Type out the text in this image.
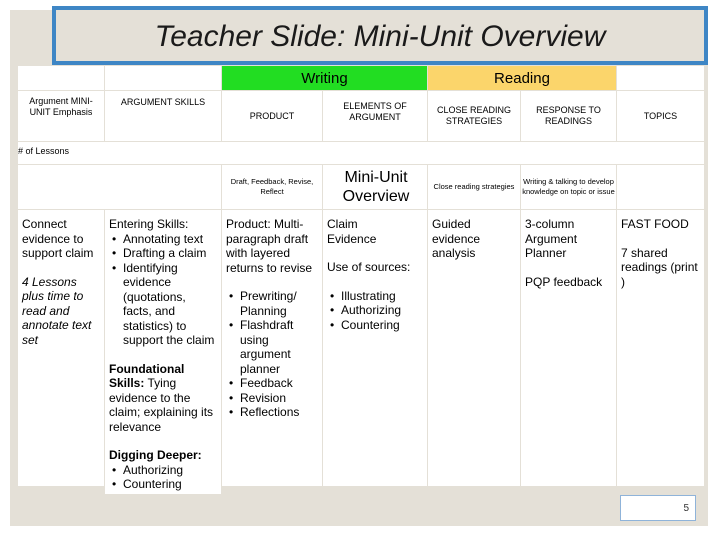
Teacher Slide: Mini-Unit Overview
Writing	Reading
Argument MINI-UNIT Emphasis
ARGUMENT SKILLS
PRODUCT
ELEMENTS OF ARGUMENT
CLOSE READING STRATEGIES
RESPONSE TO READINGS
TOPICS
# of Lessons
Draft, Feedback, Revise, Reflect
Mini-Unit Overview
Close reading strategies
Writing & talking to develop knowledge on topic or issue

Connect evidence to support claim

4 Lessons plus time to read and annotate text set

Entering Skills:

• Annotating text
• Drafting a claim
• Identifying evidence (quotations, facts, and statistics) to support the claim

Foundational Skills: Tying evidence to the claim; explaining its relevance

Digging Deeper:

• Authorizing
• Countering

Product: Multi-paragraph draft with layered returns to revise

• Prewriting/ Planning
• Flashdraft using argument planner
• Feedback
• Revision
• Reflections

Claim

Evidence

Use of sources:

• Illustrating
• Authorizing
• Countering

Guided evidence analysis

3-column Argument Planner

PQP feedback

FAST FOOD

7 shared readings (print )

5
